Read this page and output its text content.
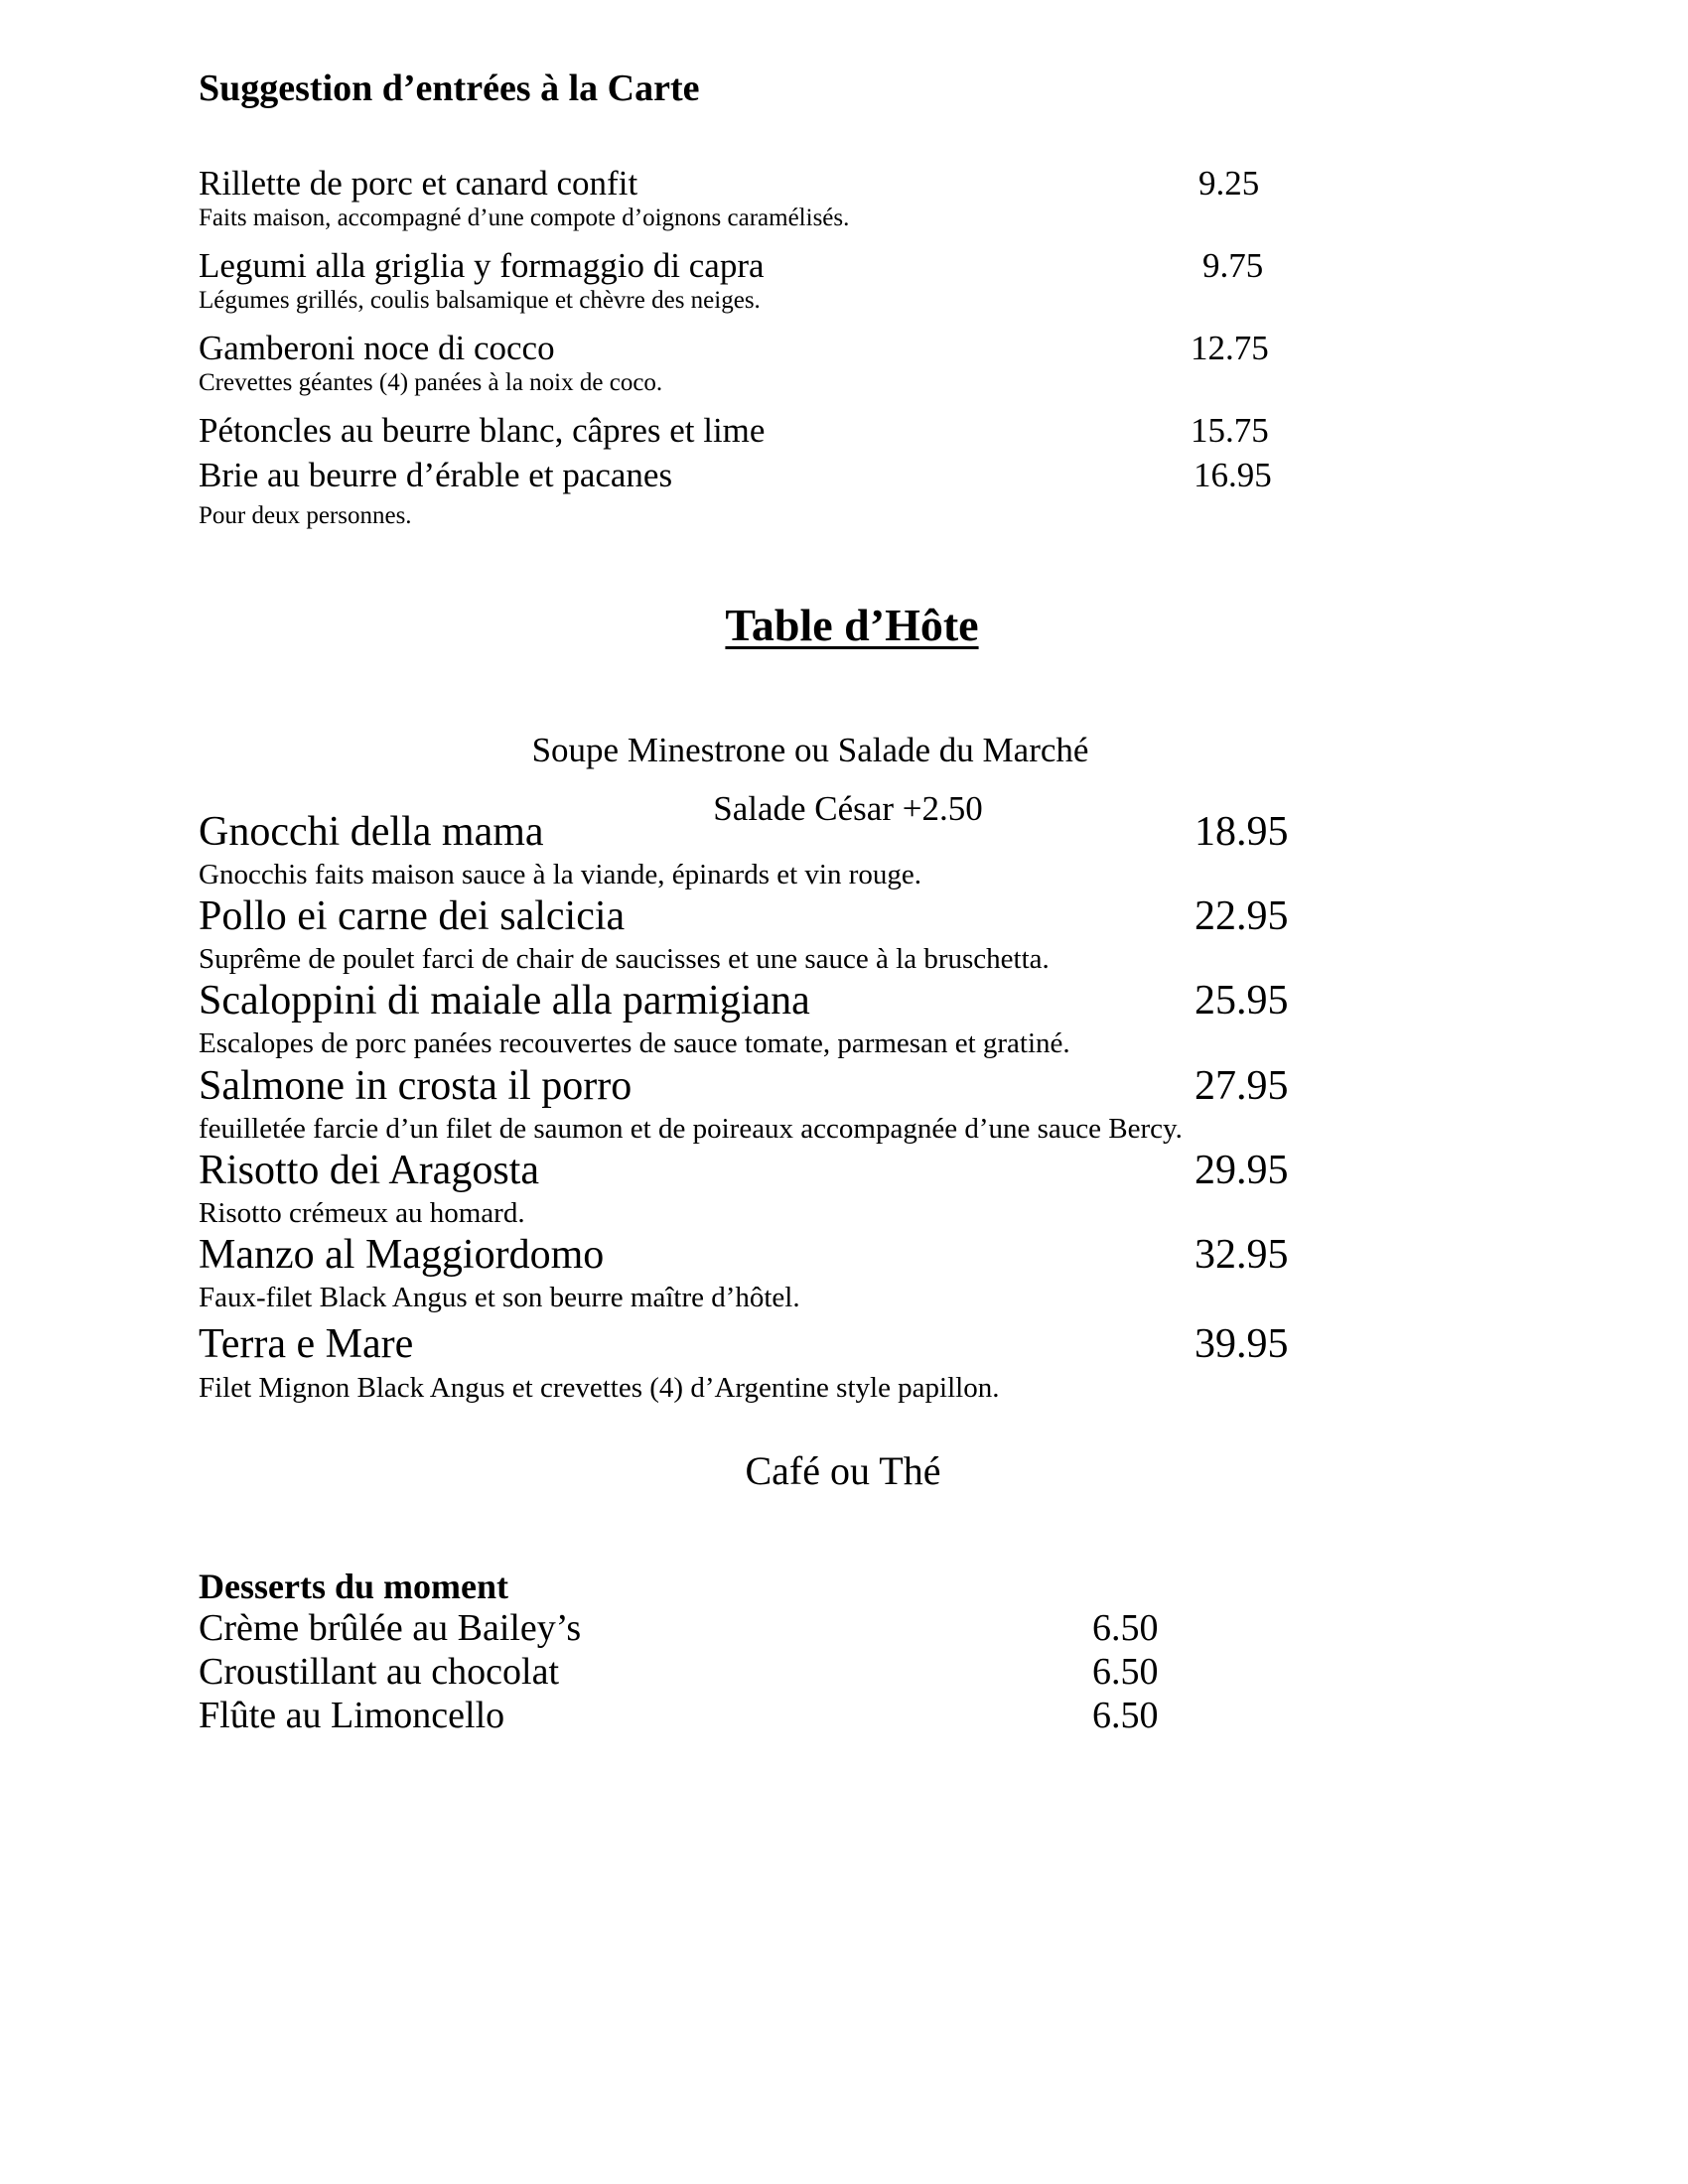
Suggestion d’entrées à la Carte
Rillette de porc et canard confit	9.25
Faits maison, accompagné d’une compote d’oignons caramélisés.
Legumi alla griglia y formaggio di capra	9.75
Légumes grillés, coulis balsamique et chèvre des neiges.
Gamberoni noce di cocco	12.75
Crevettes géantes (4) panées à la noix de coco.
Pétoncles au beurre blanc, câpres et lime	15.75
Brie au beurre d’érable et pacanes	16.95
Pour deux personnes.
Table d’Hôte
Soupe Minestrone ou Salade du Marché
Salade César +2.50
Gnocchi della mama	18.95
Gnocchis faits maison sauce à la viande, épinards et vin rouge.
Pollo ei carne dei salcicia	22.95
Suprême de poulet farci de chair de saucisses et une sauce à la bruschetta.
Scaloppini di maiale alla parmigiana	25.95
Escalopes de porc panées recouvertes de sauce tomate, parmesan et gratiné.
Salmone in crosta il porro	27.95
feuilletée farcie d’un filet de saumon et de poireaux accompagnée d’une sauce Bercy.
Risotto dei Aragosta	29.95
Risotto crémeux au homard.
Manzo al Maggiordomo	32.95
Faux-filet Black Angus et son beurre maître d’hôtel.
Terra e Mare	39.95
Filet Mignon Black Angus et crevettes (4) d’Argentine style papillon.
Café ou Thé
Desserts du moment
Crème brûlée au Bailey’s	6.50
Croustillant au chocolat	6.50
Flûte au Limoncello	6.50
